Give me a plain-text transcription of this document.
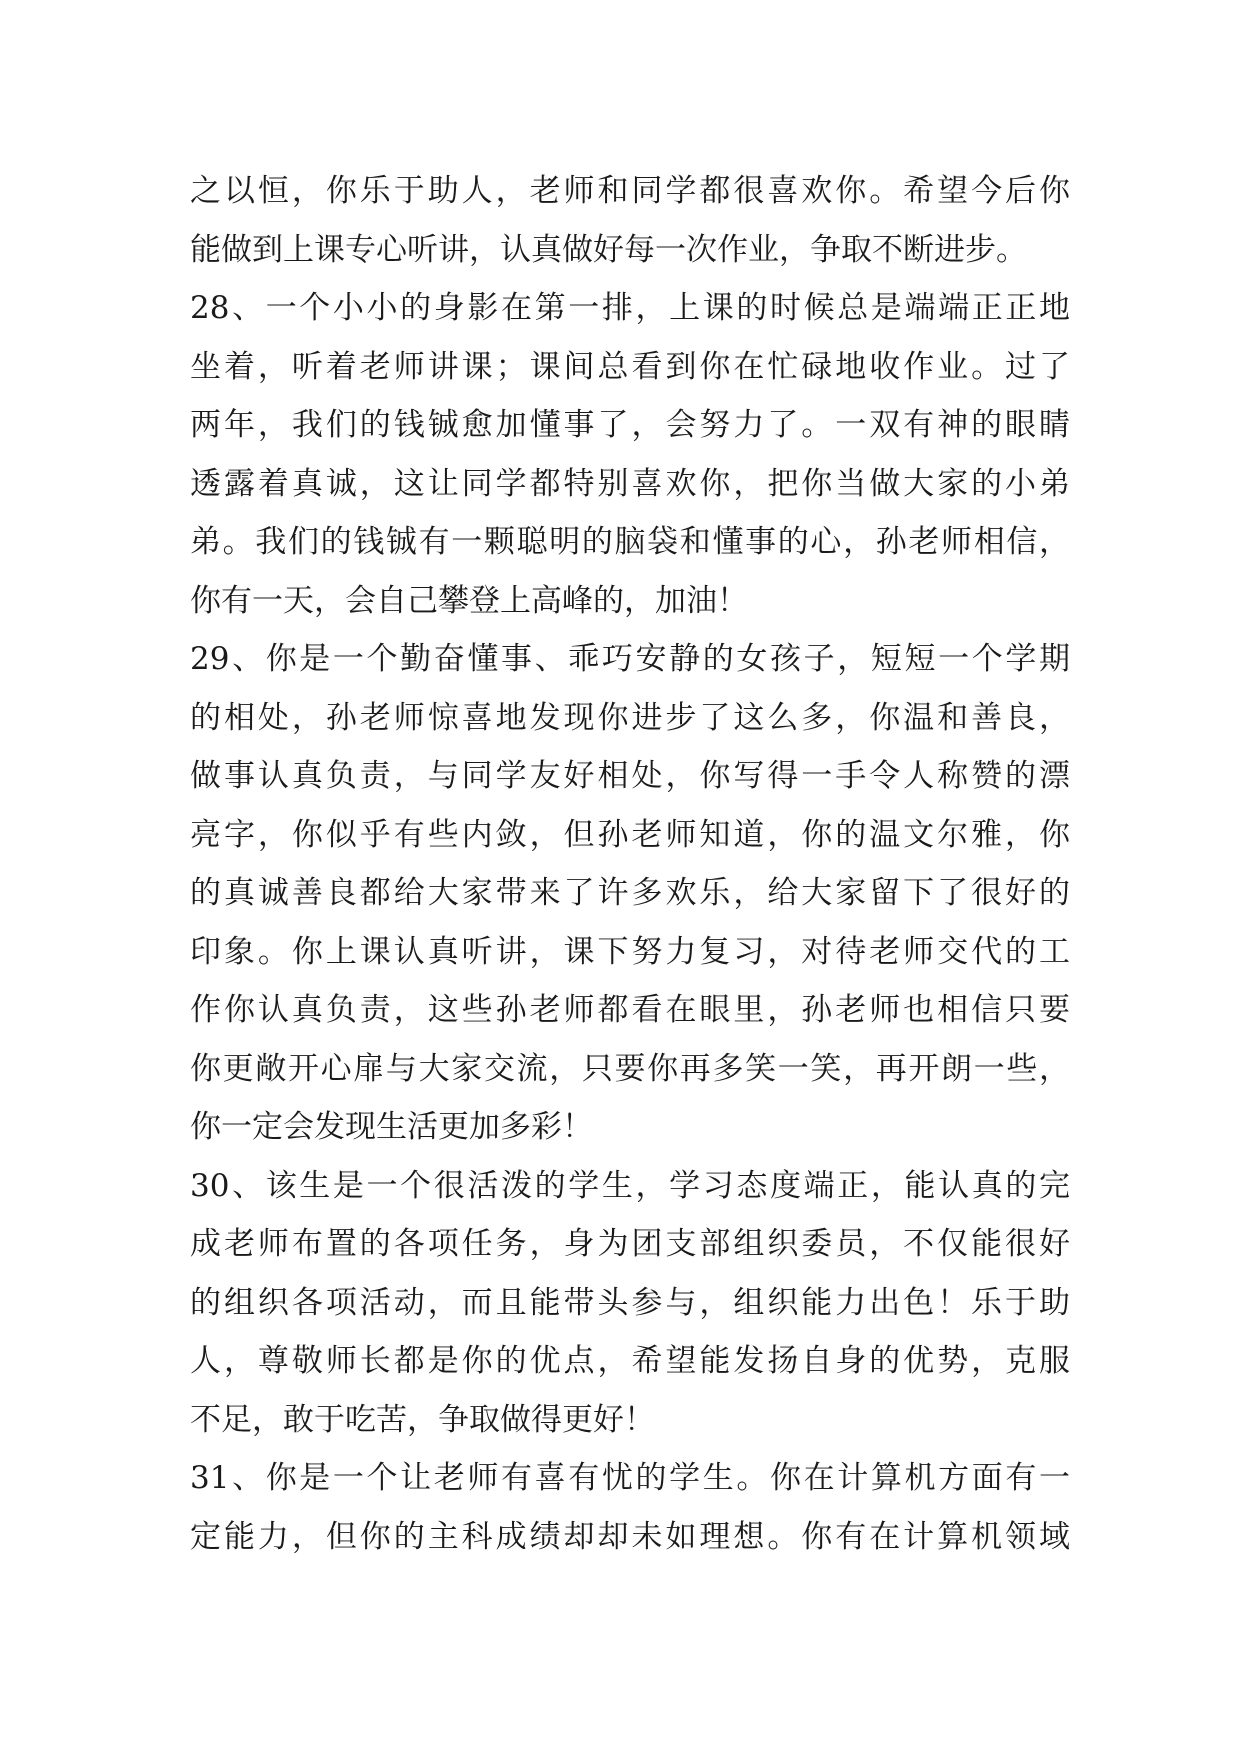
之以恒，你乐于助人，老师和同学都很喜欢你。希望今后你
能做到上课专心听讲，认真做好每一次作业，争取不断进步。
28、一个小小的身影在第一排，上课的时候总是端端正正地
坐着，听着老师讲课；课间总看到你在忙碌地收作业。过了
两年，我们的钱铖愈加懂事了，会努力了。一双有神的眼睛
透露着真诚，这让同学都特别喜欢你，把你当做大家的小弟
弟。我们的钱铖有一颗聪明的脑袋和懂事的心，孙老师相信，
你有一天，会自己攀登上高峰的，加油！
29、你是一个勤奋懂事、乖巧安静的女孩子，短短一个学期
的相处，孙老师惊喜地发现你进步了这么多，你温和善良，
做事认真负责，与同学友好相处，你写得一手令人称赞的漂
亮字，你似乎有些内敛，但孙老师知道，你的温文尔雅，你
的真诚善良都给大家带来了许多欢乐，给大家留下了很好的
印象。你上课认真听讲，课下努力复习，对待老师交代的工
作你认真负责，这些孙老师都看在眼里，孙老师也相信只要
你更敞开心扉与大家交流，只要你再多笑一笑，再开朗一些，
你一定会发现生活更加多彩！
30、该生是一个很活泼的学生，学习态度端正，能认真的完
成老师布置的各项任务，身为团支部组织委员，不仅能很好
的组织各项活动，而且能带头参与，组织能力出色！乐于助
人，尊敬师长都是你的优点，希望能发扬自身的优势，克服
不足，敢于吃苦，争取做得更好！
31、你是一个让老师有喜有忧的学生。你在计算机方面有一
定能力，但你的主科成绩却却未如理想。你有在计算机领域
